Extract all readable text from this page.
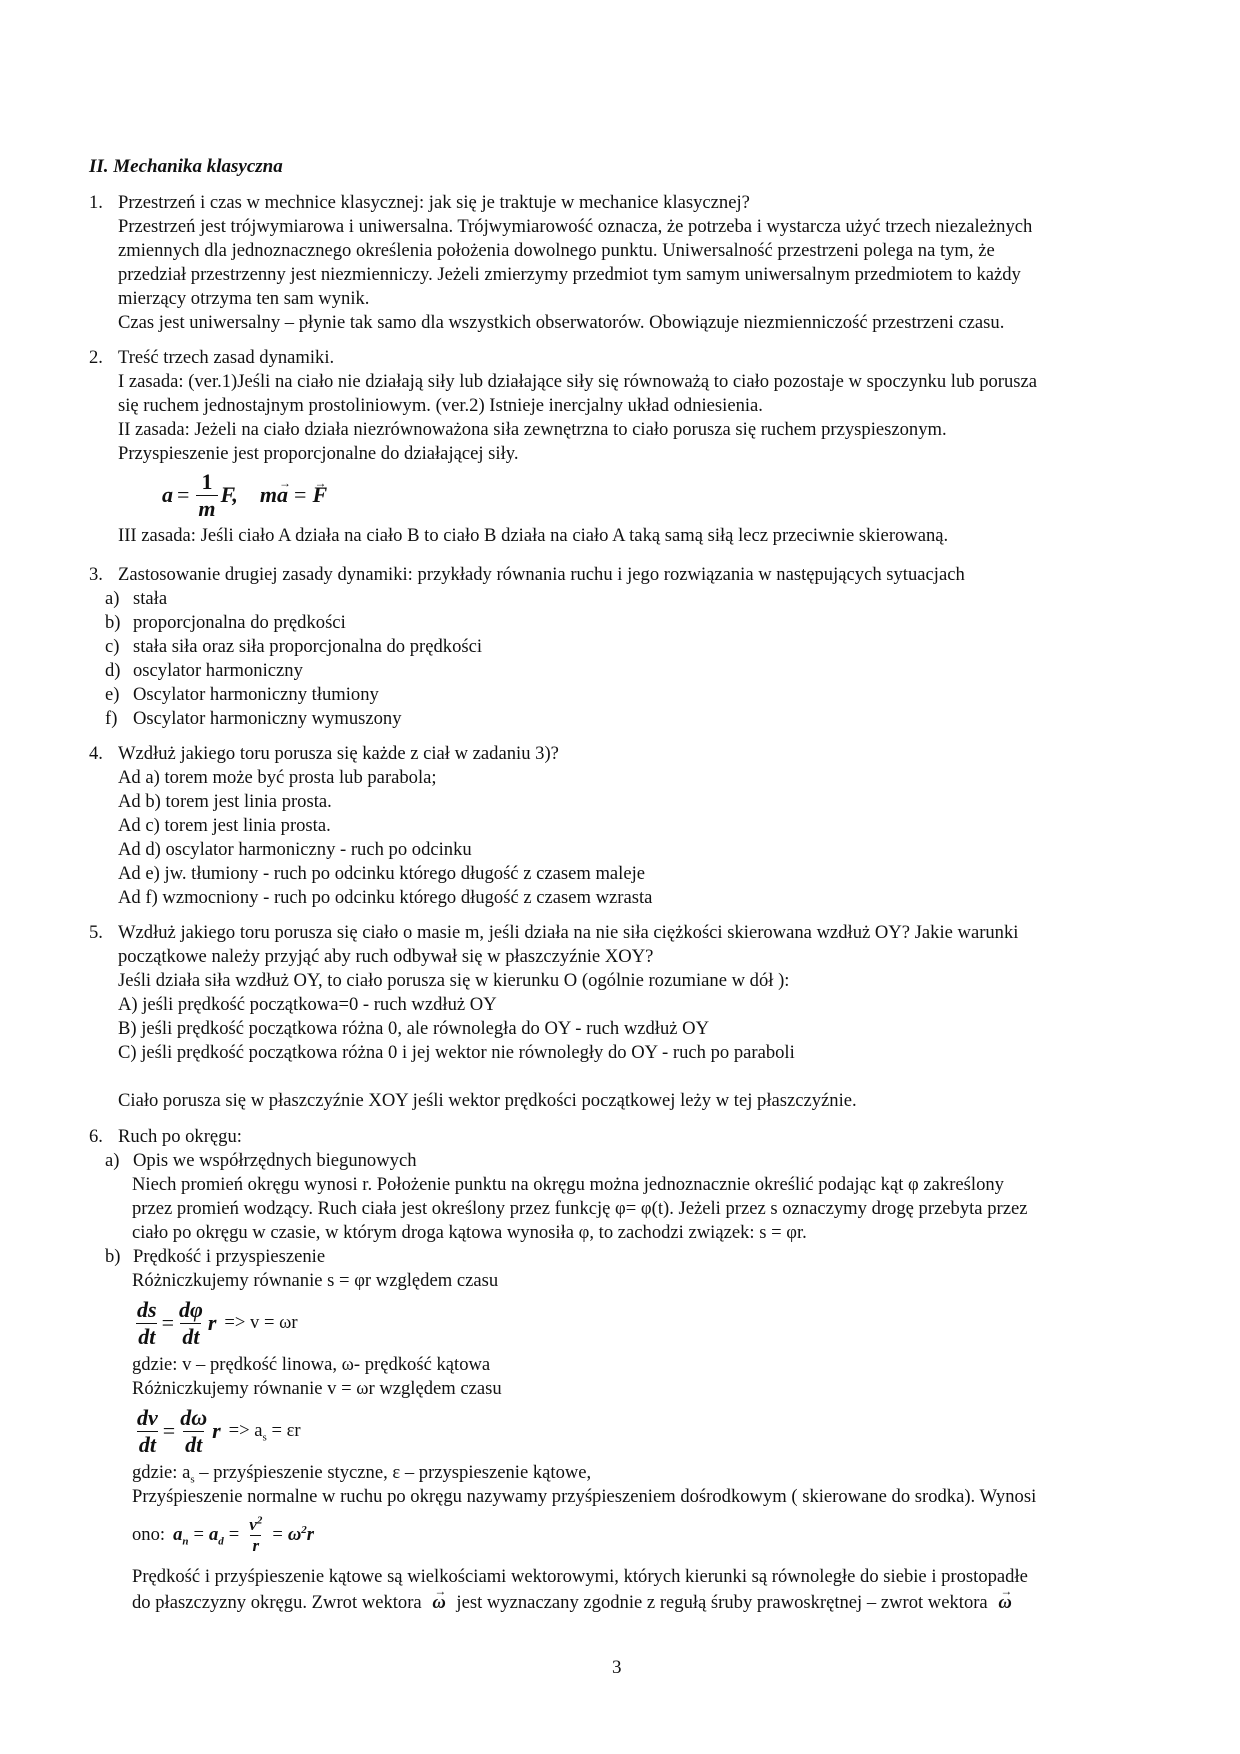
II. Mechanika klasyczna
1. Przestrzeń i czas w mechnice klasycznej: jak się je traktuje w mechanice klasycznej?
Przestrzeń jest trójwymiarowa i uniwersalna. Trójwymiarowość oznacza, że potrzeba i wystarcza użyć trzech niezależnych
zmiennych dla jednoznacznego określenia położenia dowolnego punktu. Uniwersalność przestrzeni polega na tym, że
przedział przestrzenny jest niezmienniczy. Jeżeli zmierzymy przedmiot tym samym uniwersalnym przedmiotem to każdy
mierzący otrzyma ten sam wynik.
Czas jest uniwersalny – płynie tak samo dla wszystkich obserwatorów. Obowiązuje niezmienniczość przestrzeni czasu.
2. Treść trzech zasad dynamiki.
I zasada: (ver.1)Jeśli na ciało nie działają siły lub działające siły się równoważą to ciało pozostaje w spoczynku lub porusza
się ruchem jednostajnym prostoliniowym. (ver.2) Istnieje inercjalny układ odniesienia.
II zasada: Jeżeli na ciało działa niezrównoważona siła zewnętrzna to ciało porusza się ruchem przyspieszonym.
Przyspieszenie jest proporcjonalne do działającej siły.
$a = \frac{1}{m} F$, m → a = → F
III zasada: Jeśli ciało A działa na ciało B to ciało B działa na ciało A taką samą siłą lecz przeciwnie skierowaną.
3. Zastosowanie drugiej zasady dynamiki: przykłady równania ruchu i jego rozwiązania w następujących sytuacjach
a) stała
b) proporcjonalna do prędkości
c) stała siła oraz siła proporcjonalna do prędkości
d) oscylator harmoniczny
e) Oscylator harmoniczny tłumiony
f) Oscylator harmoniczny wymuszony
4. Wzdłuż jakiego toru porusza się każde z ciał w zadaniu 3)?
Ad a) torem może być prosta lub parabola;
Ad b) torem jest linia prosta.
Ad c) torem jest linia prosta.
Ad d) oscylator harmoniczny - ruch po odcinku
Ad e) jw. tłumiony - ruch po odcinku którego długość z czasem maleje
Ad f) wzmocniony - ruch po odcinku którego długość z czasem wzrasta
5. Wzdłuż jakiego toru porusza się ciało o masie m, jeśli działa na nie siła ciężkości skierowana wzdłuż OY? Jakie warunki
początkowe należy przyjąć aby ruch odbywał się w płaszczyźnie XOY?
Jeśli działa siła wzdłuż OY, to ciało porusza się w kierunku O (ogólnie rozumiane w dół ):
A) jeśli prędkość początkowa=0 - ruch wzdłuż OY
B) jeśli prędkość początkowa różna 0, ale równoległa do OY - ruch wzdłuż OY
C) jeśli prędkość początkowa różna 0 i jej wektor nie równoległy do OY - ruch po paraboli
Ciało porusza się w płaszczyźnie XOY jeśli wektor prędkości początkowej leży w tej płaszczyźnie.
6. Ruch po okręgu:
a) Opis we współrzędnych biegunowych
Niech promień okręgu wynosi r. Położenie punktu na okręgu można jednoznacznie określić podając kąt φ zakreślony
przez promień wodzący. Ruch ciała jest określony przez funkcję φ= φ(t). Jeżeli przez s oznaczymy drogę przebyta przez
ciało po okręgu w czasie, w którym droga kątowa wynosiła φ, to zachodzi związek: s = φr.
b) Prędkość i przyspieszenie
Różniczkujemy równanie s = φr względem czasu
$\frac{ds}{dt} = \frac{d\varphi}{dt}$ r => v = ωr
gdzie: v – prędkość linowa, ω- prędkość kątowa
Różniczkujemy równanie v = ωr względem czasu
$\frac{dv}{dt} = \frac{d\omega}{dt}$ $r => a_s = \varepsilon r$
gdzie: $a_s$ – przyśpieszenie styczne, ε – przyspieszenie kątowe,
Przyśpieszenie normalne w ruchu po okręgu nazywamy przyśpieszeniem dośrodkowym ( skierowane do srodka). Wynosi
ono: $a_n = a_d = \frac{v^2}{r} = \omega^2r$
Prędkość i przyśpieszenie kątowe są wielkościami wektorowymi, których kierunki są równoległe do siebie i prostopadłe
do płaszczyzny okręgu. Zwrot wektora → ω jest wyznaczany zgodnie z regułą śruby prawoskrętnej – zwrot wektora → ω
3
